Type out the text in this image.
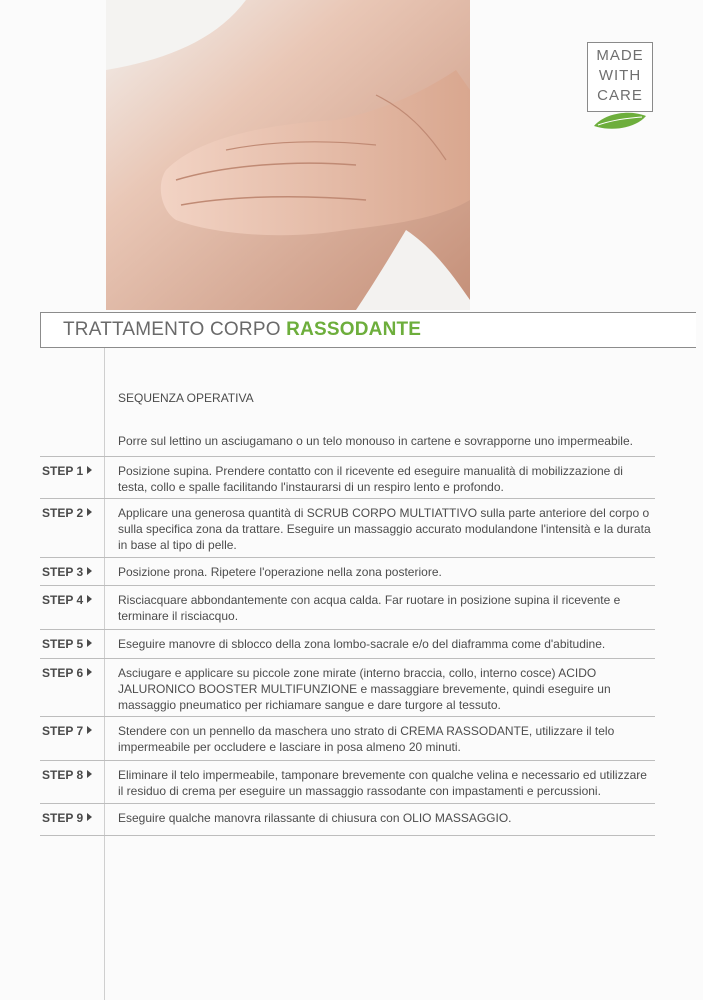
MADE
WITH
CARE
TRATTAMENTO CORPO RASSODANTE
SEQUENZA OPERATIVA
Porre sul lettino un asciugamano o un telo monouso in cartene e sovrapporne uno impermeabile.
STEP 1	Posizione supina. Prendere contatto con il ricevente ed eseguire manualità di mobilizzazione di testa, collo e spalle facilitando l'instaurarsi di un respiro lento e profondo.
STEP 2	Applicare una generosa quantità di SCRUB CORPO MULTIATTIVO sulla parte anteriore del corpo o sulla specifica zona da trattare. Eseguire un massaggio accurato modulandone l'intensità e la durata in base al tipo di pelle.
STEP 3	Posizione prona. Ripetere l'operazione nella zona posteriore.
STEP 4	Risciacquare abbondantemente con acqua calda. Far ruotare in posizione supina il ricevente e terminare il risciacquo.
STEP 5	Eseguire manovre di sblocco della zona lombo-sacrale e/o del diaframma come d'abitudine.
STEP 6	Asciugare e applicare su piccole zone mirate (interno braccia, collo, interno cosce) ACIDO JALURONICO BOOSTER MULTIFUNZIONE e massaggiare brevemente, quindi eseguire un massaggio pneumatico per richiamare sangue e dare turgore al tessuto.
STEP 7	Stendere con un pennello da maschera uno strato di CREMA RASSODANTE, utilizzare il telo impermeabile per occludere e lasciare in posa almeno 20 minuti.
STEP 8	Eliminare il telo impermeabile, tamponare brevemente con qualche velina e necessario ed utilizzare il residuo di crema per eseguire un massaggio rassodante con impastamenti e percussioni.
STEP 9	Eseguire qualche manovra rilassante di chiusura con OLIO MASSAGGIO.
